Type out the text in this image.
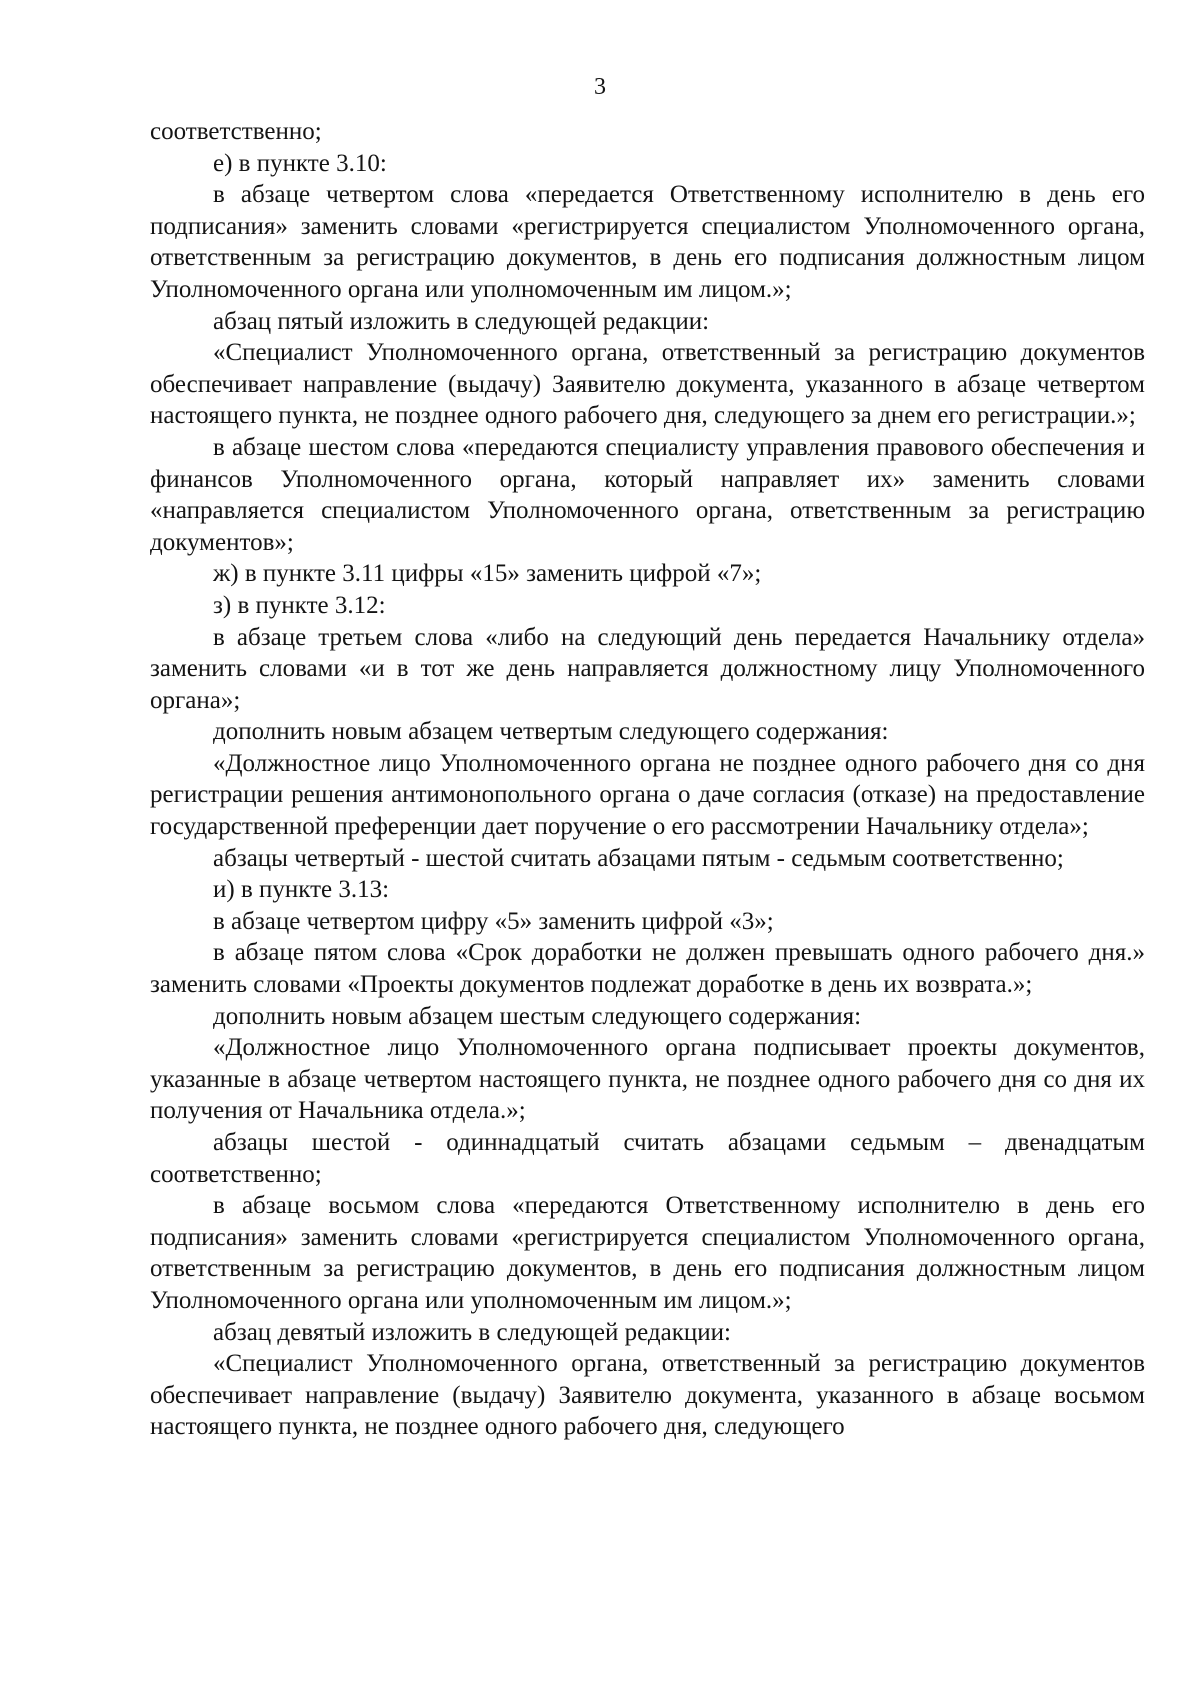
3

соответственно;

е) в пункте 3.10:

в абзаце четвертом слова «передается Ответственному исполнителю в день его подписания» заменить словами «регистрируется специалистом Уполномоченного органа, ответственным за регистрацию документов, в день его подписания должностным лицом Уполномоченного органа или уполномоченным им лицом.»;

абзац пятый изложить в следующей редакции:

«Специалист Уполномоченного органа, ответственный за регистрацию документов обеспечивает направление (выдачу) Заявителю документа, указанного в абзаце четвертом настоящего пункта, не позднее одного рабочего дня, следующего за днем его регистрации.»;

в абзаце шестом слова «передаются специалисту управления правового обеспечения и финансов Уполномоченного органа, который направляет их» заменить словами «направляется специалистом Уполномоченного органа, ответственным за регистрацию документов»;

ж) в пункте 3.11 цифры «15» заменить цифрой «7»;

з) в пункте 3.12:

в абзаце третьем слова «либо на следующий день передается Начальнику отдела» заменить словами «и в тот же день направляется должностному лицу Уполномоченного органа»;

дополнить новым абзацем четвертым следующего содержания:

«Должностное лицо Уполномоченного органа не позднее одного рабочего дня со дня регистрации решения антимонопольного органа о даче согласия (отказе) на предоставление государственной преференции дает поручение о его рассмотрении Начальнику отдела»;

абзацы четвертый - шестой считать абзацами пятым - седьмым соответственно;

и) в пункте 3.13:

в абзаце четвертом цифру «5» заменить цифрой «3»;

в абзаце пятом слова «Срок доработки не должен превышать одного рабочего дня.» заменить словами «Проекты документов подлежат доработке в день их возврата.»;

дополнить новым абзацем шестым следующего содержания:

«Должностное лицо Уполномоченного органа подписывает проекты документов, указанные в абзаце четвертом настоящего пункта, не позднее одного рабочего дня со дня их получения от Начальника отдела.»;

абзацы шестой - одиннадцатый считать абзацами седьмым – двенадцатым соответственно;

в абзаце восьмом слова «передаются Ответственному исполнителю в день его подписания» заменить словами «регистрируется специалистом Уполномоченного органа, ответственным за регистрацию документов, в день его подписания должностным лицом Уполномоченного органа или уполномоченным им лицом.»;

абзац девятый изложить в следующей редакции:

«Специалист Уполномоченного органа, ответственный за регистрацию документов обеспечивает направление (выдачу) Заявителю документа, указанного в абзаце восьмом настоящего пункта, не позднее одного рабочего дня, следующего
